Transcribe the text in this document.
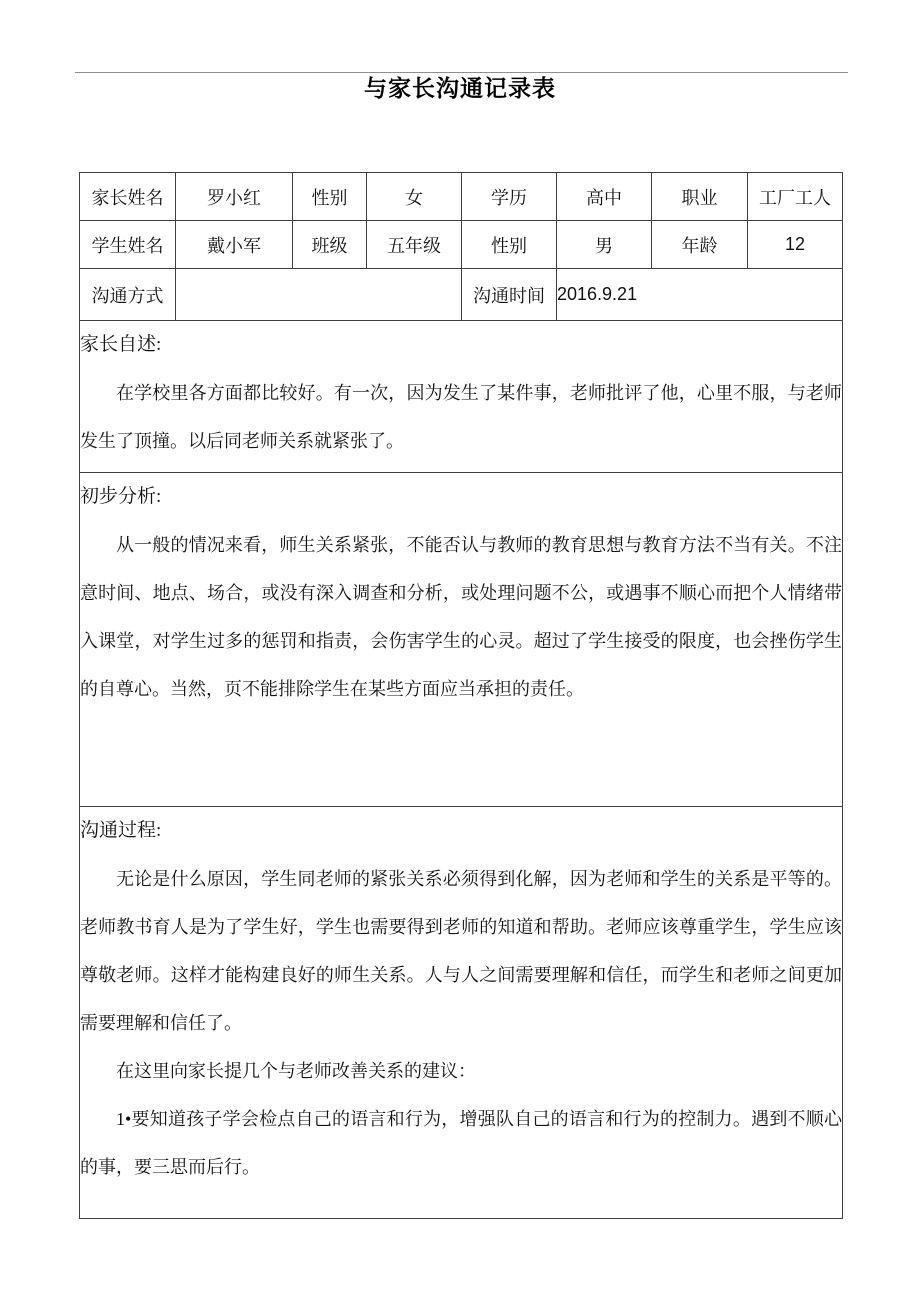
与家长沟通记录表
家长姓名	罗小红	性别	女	学历	高中	职业	工厂工人
学生姓名	戴小军	班级	五年级	性别	男	年龄	12
沟通方式				沟通时间	2016.9.21		

家长自述:

在学校里各方面都比较好。有一次，因为发生了某件事，老师批评了他，心里不服，与老师发生了顶撞。以后同老师关系就紧张了。							

初步分析:

从一般的情况来看，师生关系紧张，不能否认与教师的教育思想与教育方法不当有关。不注意时间、地点、场合，或没有深入调查和分析，或处理问题不公，或遇事不顺心而把个人情绪带入课堂，对学生过多的惩罚和指责，会伤害学生的心灵。超过了学生接受的限度，也会挫伤学生的自尊心。当然，页不能排除学生在某些方面应当承担的责任。							

沟通过程:

无论是什么原因，学生同老师的紧张关系必须得到化解，因为老师和学生的关系是平等的。老师教书育人是为了学生好，学生也需要得到老师的知道和帮助。老师应该尊重学生，学生应该尊敬老师。这样才能构建良好的师生关系。人与人之间需要理解和信任，而学生和老师之间更加需要理解和信任了。

在这里向家长提几个与老师改善关系的建议：

1•要知道孩子学会检点自己的语言和行为，增强队自己的语言和行为的控制力。遇到不顺心的事，要三思而后行。							
